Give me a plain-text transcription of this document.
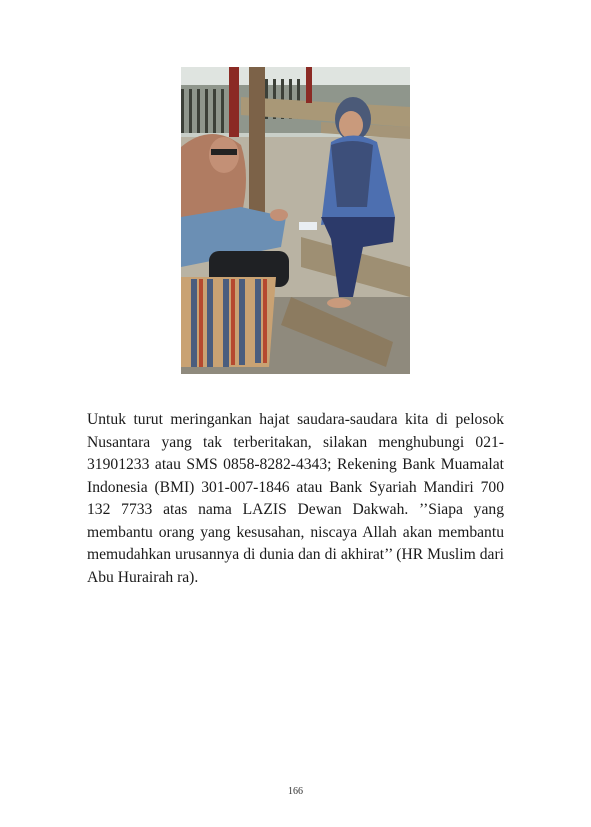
Untuk turut meringankan hajat saudara-saudara kita di pelosok Nusantara yang tak terberitakan, silakan menghubungi 021-31901233 atau SMS 0858-8282-4343; Rekening Bank Muamalat Indonesia (BMI) 301-007-1846 atau Bank Syariah Mandiri 700 132 7733 atas nama LAZIS Dewan Dakwah. ’’Siapa yang membantu orang yang kesusahan, niscaya Allah akan membantu memudahkan urusannya di dunia dan di akhirat’’ (HR Muslim dari Abu Hurairah ra).
166
